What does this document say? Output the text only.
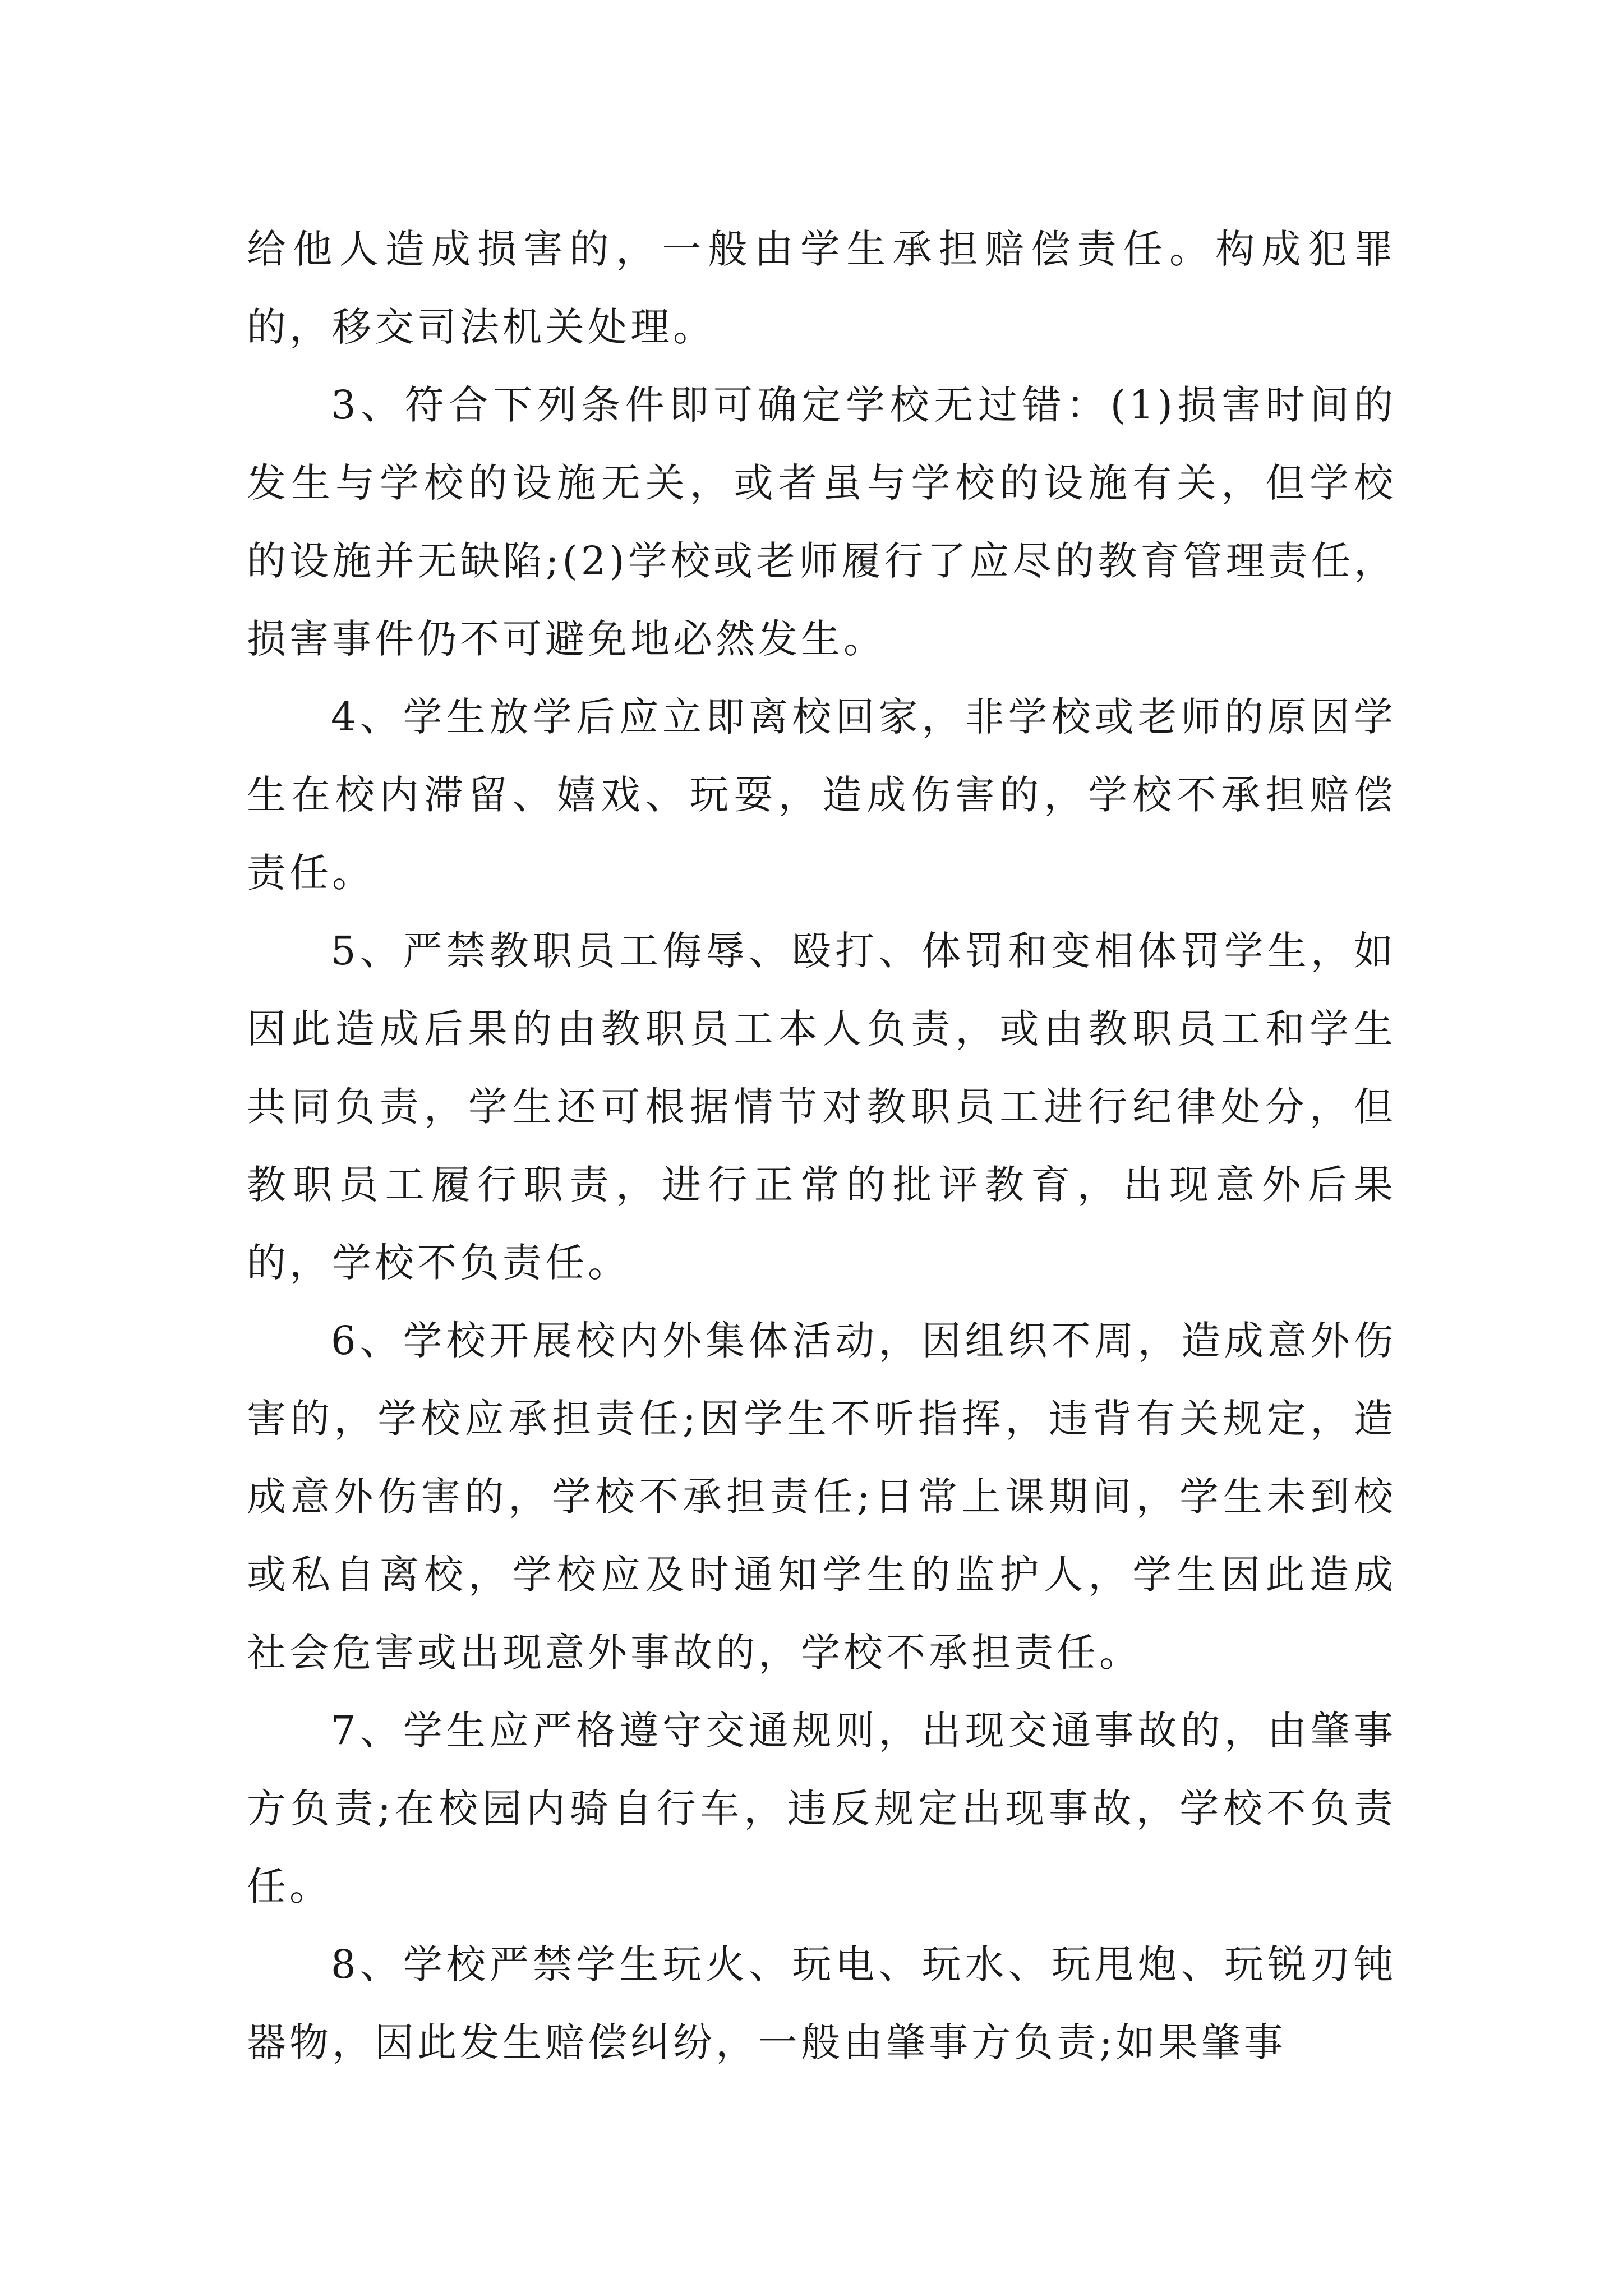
给他人造成损害的，一般由学生承担赔偿责任。构成犯罪的，移交司法机关处理。

3、符合下列条件即可确定学校无过错：(1)损害时间的发生与学校的设施无关，或者虽与学校的设施有关，但学校的设施并无缺陷;(2)学校或老师履行了应尽的教育管理责任，损害事件仍不可避免地必然发生。

4、学生放学后应立即离校回家，非学校或老师的原因学生在校内滞留、嬉戏、玩耍，造成伤害的，学校不承担赔偿责任。

5、严禁教职员工侮辱、殴打、体罚和变相体罚学生，如因此造成后果的由教职员工本人负责，或由教职员工和学生共同负责，学生还可根据情节对教职员工进行纪律处分，但教职员工履行职责，进行正常的批评教育，出现意外后果的，学校不负责任。

6、学校开展校内外集体活动，因组织不周，造成意外伤害的，学校应承担责任;因学生不听指挥，违背有关规定，造成意外伤害的，学校不承担责任;日常上课期间，学生未到校或私自离校，学校应及时通知学生的监护人，学生因此造成社会危害或出现意外事故的，学校不承担责任。

7、学生应严格遵守交通规则，出现交通事故的，由肇事方负责;在校园内骑自行车，违反规定出现事故，学校不负责任。

8、学校严禁学生玩火、玩电、玩水、玩甩炮、玩锐刃钝器物，因此发生赔偿纠纷，一般由肇事方负责;如果肇事
